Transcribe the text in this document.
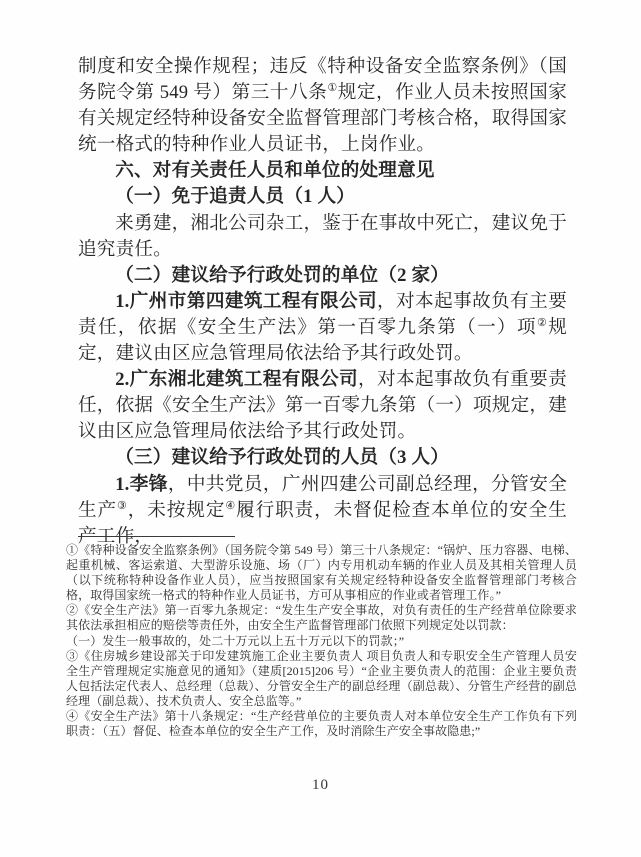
制度和安全操作规程；违反《特种设备安全监察条例》（国务院令第 549 号）第三十八条①规定，作业人员未按照国家有关规定经特种设备安全监督管理部门考核合格，取得国家统一格式的特种作业人员证书，上岗作业。

六、对有关责任人员和单位的处理意见

（一）免于追责人员（1 人）

来勇建，湘北公司杂工，鉴于在事故中死亡，建议免于追究责任。

（二）建议给予行政处罚的单位（2 家）

1.广州市第四建筑工程有限公司，对本起事故负有主要责任，依据《安全生产法》第一百零九条第（一）项②规定，建议由区应急管理局依法给予其行政处罚。

2.广东湘北建筑工程有限公司，对本起事故负有重要责任，依据《安全生产法》第一百零九条第（一）项规定，建议由区应急管理局依法给予其行政处罚。

（三）建议给予行政处罚的人员（3 人）

1.李锋，中共党员，广州四建公司副总经理，分管安全生产③，未按规定④履行职责，未督促检查本单位的安全生产工作，

①《特种设备安全监察条例》（国务院令第 549 号）第三十八条规定：“锅炉、压力容器、电梯、起重机械、客运索道、大型游乐设施、场（厂）内专用机动车辆的作业人员及其相关管理人员（以下统称特种设备作业人员），应当按照国家有关规定经特种设备安全监督管理部门考核合格，取得国家统一格式的特种作业人员证书，方可从事相应的作业或者管理工作。”

②《安全生产法》第一百零九条规定：“发生生产安全事故，对负有责任的生产经营单位除要求其依法承担相应的赔偿等责任外，由安全生产监督管理部门依照下列规定处以罚款：
（一）发生一般事故的，处二十万元以上五十万元以下的罚款；”

③《住房城乡建设部关于印发建筑施工企业主要负责人 项目负责人和专职安全生产管理人员安全生产管理规定实施意见的通知》（建质[2015]206 号）“企业主要负责人的范围：企业主要负责人包括法定代表人、总经理（总裁）、分管安全生产的副总经理（副总裁）、分管生产经营的副总经理（副总裁）、技术负责人、安全总监等。”

④《安全生产法》第十八条规定：“生产经营单位的主要负责人对本单位安全生产工作负有下列职责：（五）督促、检查本单位的安全生产工作，及时消除生产安全事故隐患;”

10
